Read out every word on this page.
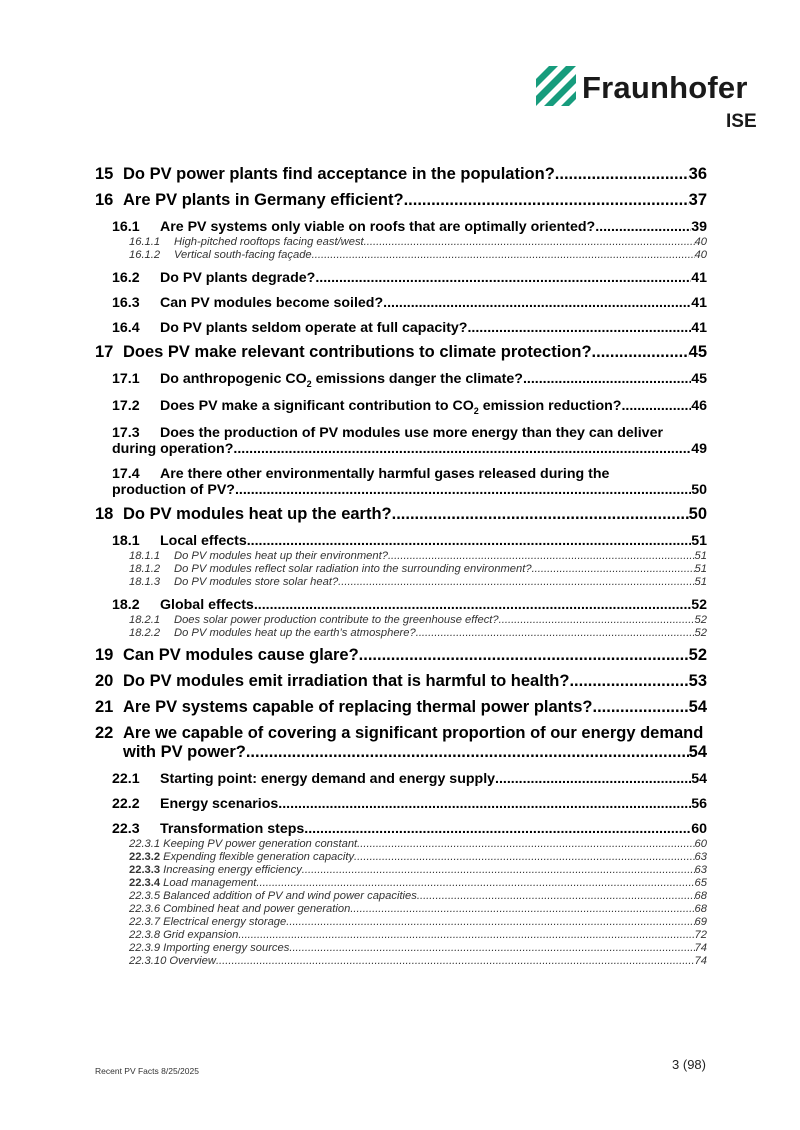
Fraunhofer
ISE
15 Do PV power plants find acceptance in the population? .....	36
16 Are PV plants in Germany efficient? .....	37
16.1	Are PV systems only viable on roofs that are optimally oriented? .....	39
16.1.1	High-pitched rooftops facing east/west .....	40
16.1.2	Vertical south-facing façade .....	40
16.2	Do PV plants degrade? .....	41
16.3	Can PV modules become soiled? .....	41
16.4	Do PV plants seldom operate at full capacity? .....	41
17 Does PV make relevant contributions to climate protection? .....	45
17.1	Do anthropogenic $CO_2$ emissions danger the climate? .....	45
17.2	Does PV make a significant contribution to $CO_2$ emission reduction? .....	46
17.3	Does the production of PV modules use more energy than they can deliver
during operation? .....	49
17.4	Are there other environmentally harmful gases released during the
production of PV? .....	50
18 Do PV modules heat up the earth? .....	50
18.1	Local effects .....	51
18.1.1	Do PV modules heat up their environment? .....	51
18.1.2	Do PV modules reflect solar radiation into the surrounding environment? .....	51
18.1.3	Do PV modules store solar heat? .....	51
18.2	Global effects .....	52
18.2.1	Does solar power production contribute to the greenhouse effect? .....	52
18.2.2	Do PV modules heat up the earth’s atmosphere? .....	52
19 Can PV modules cause glare? .....	52
20 Do PV modules emit irradiation that is harmful to health? .....	53
21 Are PV systems capable of replacing thermal power plants? .....	54
22 Are we capable of covering a significant proportion of our energy demand
with PV power? .....	54
22.1	Starting point: energy demand and energy supply .....	54
22.2	Energy scenarios .....	56
22.3	Transformation steps .....	60
22.3.1 Keeping PV power generation constant .....	60
22.3.2 Expending flexible generation capacity .....	63
22.3.3 Increasing energy efficiency .....	63
22.3.4 Load management .....	65
22.3.5 Balanced addition of PV and wind power capacities .....	68
22.3.6 Combined heat and power generation .....	68
22.3.7 Electrical energy storage .....	69
22.3.8 Grid expansion .....	72
22.3.9 Importing energy sources .....	74
22.3.10 Overview .....	74
Recent PV Facts 8/25/2025	3 (98)
